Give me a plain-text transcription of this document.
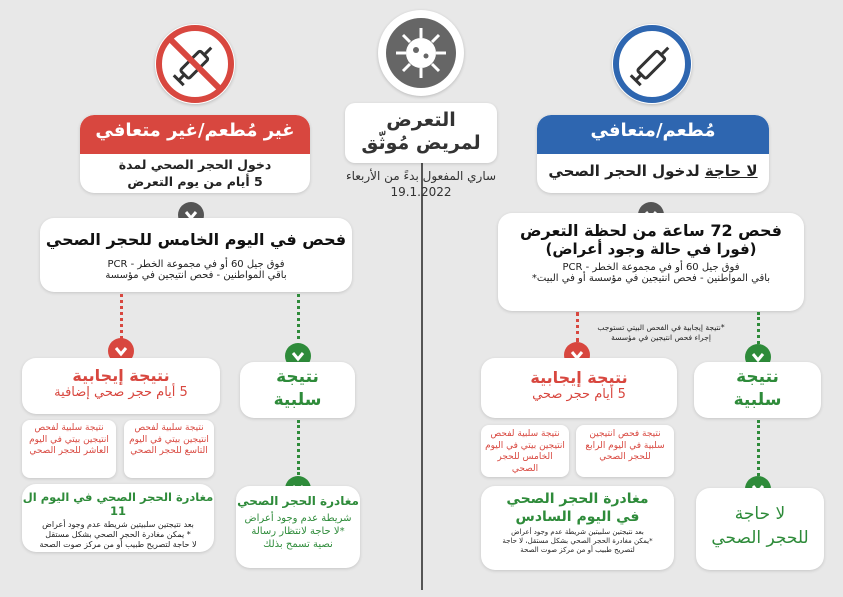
التعرض
لمريض مُوثّق
ساري المفعول بدءً من الأربعاء
19.1.2022
غير مُطعم/غير متعافي
دخول الحجر الصحي لمدة
5 أيام من يوم التعرض
فحص في اليوم الخامس للحجر الصحي
فوق جيل 60 أو في مجموعة الخطر - PCR
باقي المواطنين - فحص انتيجين في مؤسسة
نتيجة إيجابية
5 أيام حجر صحي إضافية
نتيجة
سلبية
نتيجة سلبية لفحص انتيجين بيتي في اليوم التاسع للحجر الصحي
نتيجة سلبية لفحص انتيجين بيتي في اليوم العاشر للحجر الصحي
مغادرة الحجر الصحي في اليوم ال 11
بعد نتيجتين سلبيتين شريطة عدم وجود أعراض
* يمكن مغادرة الحجر الصحي بشكل مستقل
لا حاجة لتصريح طبيب أو من مركز صوت الصحة
مغادرة الحجر الصحي
شريطة عدم وجود أعراض
*لا حاجة لانتظار رسالة
نصية تسمح بذلك
مُطعم/متعافي
لا حاجة لدخول الحجر الصحي
فحص 72 ساعة من لحظة التعرض
(فورا في حالة وجود أعراض)
فوق جيل 60 أو في مجموعة الخطر - PCR
باقي المواطنين - فحص انتيجين في مؤسسة أو في البيت*
*نتيجة إيجابية في الفحص البيتي تستوجب
إجراء فحص انتيجين في مؤسسة
نتيجة إيجابية
5 أيام حجر صحي
نتيجة
سلبية
نتيجة فحص انتيجين سلبية في اليوم الرابع للحجر الصحي
نتيجة سلبية لفحص انتيجين بيتي في اليوم الخامس للحجر الصحي
مغادرة الحجر الصحي
في اليوم السادس
بعد نتيجتين سلبيتين شريطة عدم وجود أعراض
*يمكن مغادرة الحجر الصحي بشكل مستقل، لا حاجة
لتصريح طبيب أو من مركز صوت الصحة
لا حاجة
للحجر الصحي
